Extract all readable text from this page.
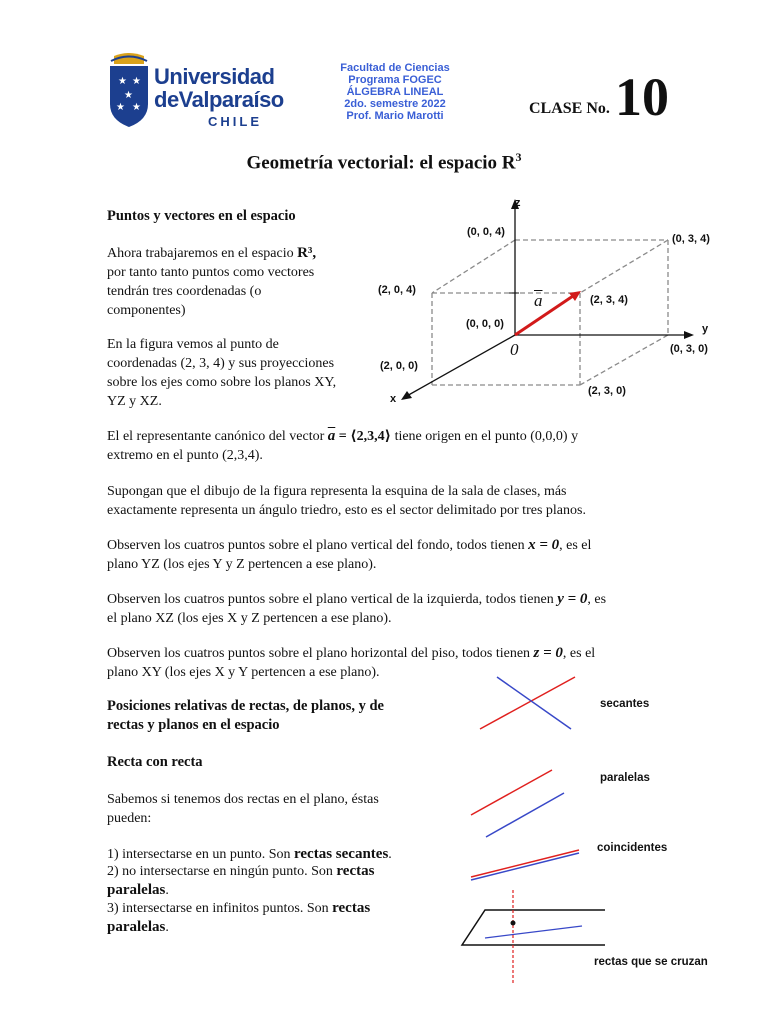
★ ★
★
★ ★
Universidad
deValparaíso
CHILE
Facultad de Ciencias
Programa FOGEC
ÁLGEBRA LINEAL
2do. semestre 2022
Prof. Mario Marotti	CLASE No. 10
Geometría vectorial: el espacio $R^3$
Puntos y vectores en el espacio
Ahora trabajaremos en el espacio R³,
por tanto tanto puntos como vectores
tendrán tres coordenadas (o
componentes)
En la figura vemos al punto de
coordenadas (2, 3, 4) y sus proyecciones
sobre los ejes como sobre los planos XY,
YZ y XZ.
z
y
x
0
$\overline{a}$
(0, 0, 4)
(0, 3, 4)
(2, 0, 4)
(2, 3, 4)
(0, 0, 0)
(2, 0, 0)
(0, 3, 0)
(2, 3, 0)
El el representante canónico del vector $\overline{a}$ = ⟨2,3,4⟩ tiene origen en el punto (0,0,0) y
extremo en el punto (2,3,4).
Supongan que el dibujo de la figura representa la esquina de la sala de clases, más
exactamente representa un ángulo triedro, esto es el sector delimitado por tres planos.
Observen los cuatros puntos sobre el plano vertical del fondo, todos tienen x = 0, es el
plano YZ (los ejes Y y Z pertencen a ese plano).
Observen los cuatros puntos sobre el plano vertical de la izquierda, todos tienen y = 0, es
el plano XZ (los ejes X y Z pertencen a ese plano).
Observen los cuatros puntos sobre el plano horizontal del piso, todos tienen z = 0, es el
plano XY (los ejes X y Y pertencen a ese plano).
Posiciones relativas de rectas, de planos, y de
rectas y planos en el espacio
Recta con recta
Sabemos si tenemos dos rectas en el plano, éstas
pueden:
1) intersectarse en un punto. Son rectas secantes.
2) no intersectarse en ningún punto. Son rectas
paralelas.
3) intersectarse en infinitos puntos. Son rectas
paralelas.
secantes
paralelas
coincidentes
rectas que se cruzan
